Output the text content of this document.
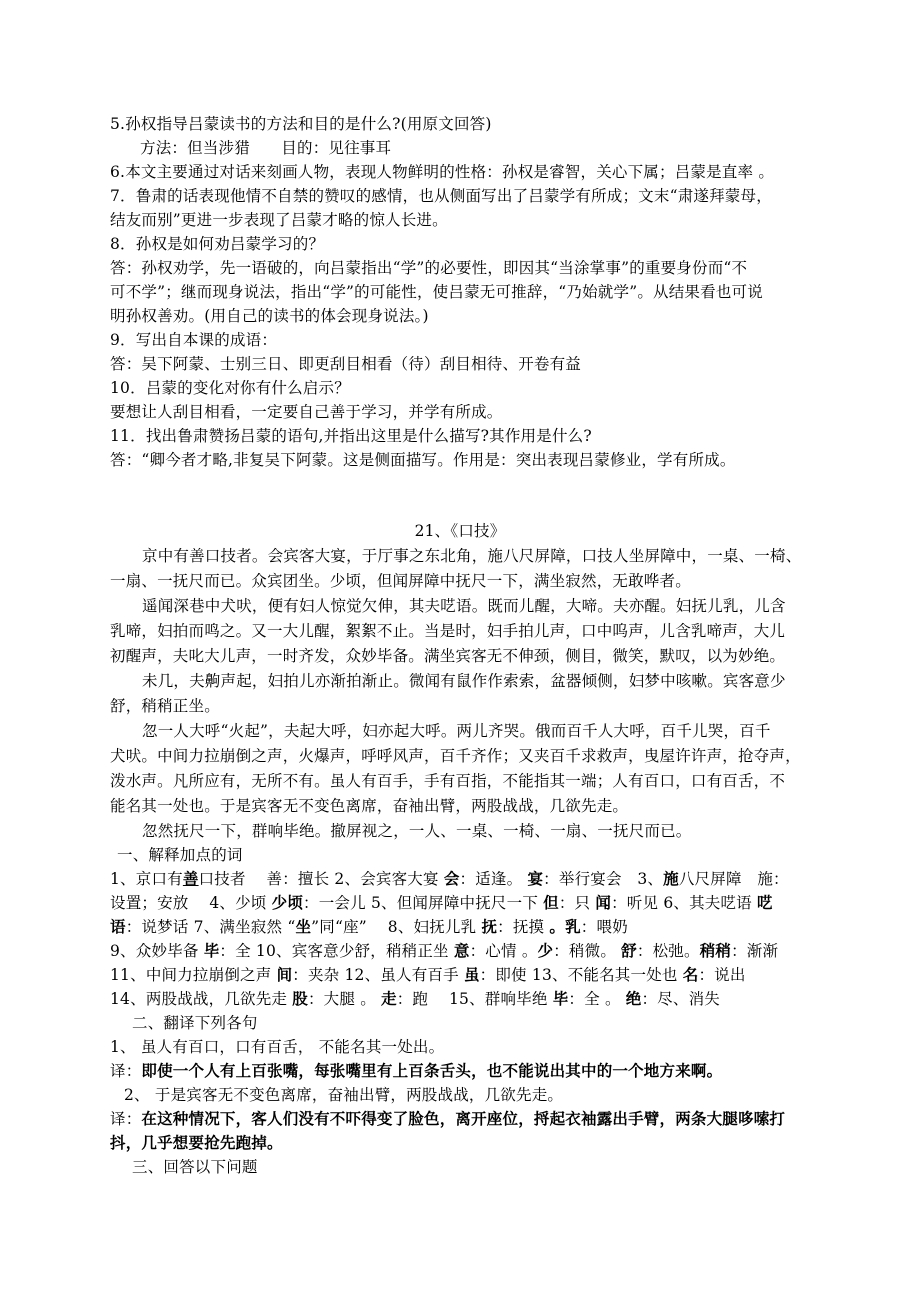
5.孙权指导吕蒙读书的方法和目的是什么?(用原文回答)
方法：但当涉猎　　目的：见往事耳
6.本文主要通过对话来刻画人物，表现人物鲜明的性格：孙权是睿智，关心下属；吕蒙是直率 。
7．鲁肃的话表现他情不自禁的赞叹的感情，也从侧面写出了吕蒙学有所成；文末“肃遂拜蒙母，
结友而别”更进一步表现了吕蒙才略的惊人长进。
8．孙权是如何劝吕蒙学习的？
答：孙权劝学，先一语破的，向吕蒙指出“学”的必要性，即因其“当涂掌事”的重要身份而“不
可不学”；继而现身说法，指出“学”的可能性，使吕蒙无可推辞，“乃始就学”。从结果看也可说
明孙权善劝。(用自己的读书的体会现身说法。)
9．写出自本课的成语：
答：吴下阿蒙、士别三日、即更刮目相看（待）刮目相待、开卷有益
10．吕蒙的变化对你有什么启示？
要想让人刮目相看，一定要自己善于学习，并学有所成。
11．找出鲁肃赞扬吕蒙的语句,并指出这里是什么描写?其作用是什么?
答：“卿今者才略,非复吴下阿蒙。这是侧面描写。作用是：突出表现吕蒙修业，学有所成。
21、《口技》
京中有善口技者。会宾客大宴，于厅事之东北角，施八尺屏障，口技人坐屏障中，一桌、一椅、
一扇、一抚尺而已。众宾团坐。少顷，但闻屏障中抚尺一下，满坐寂然，无敢哗者。
遥闻深巷中犬吠，便有妇人惊觉欠伸，其夫呓语。既而儿醒，大啼。夫亦醒。妇抚儿乳，儿含
乳啼，妇拍而鸣之。又一大儿醒，絮絮不止。当是时，妇手拍儿声，口中呜声，儿含乳啼声，大儿
初醒声，夫叱大儿声，一时齐发，众妙毕备。满坐宾客无不伸颈，侧目，微笑，默叹，以为妙绝。
未几，夫齁声起，妇拍儿亦渐拍渐止。微闻有鼠作作索索，盆器倾侧，妇梦中咳嗽。宾客意少
舒，稍稍正坐。
忽一人大呼“火起”，夫起大呼，妇亦起大呼。两儿齐哭。俄而百千人大呼，百千儿哭，百千
犬吠。中间力拉崩倒之声，火爆声，呼呼风声，百千齐作；又夹百千求救声，曳屋许许声，抢夺声，
泼水声。凡所应有，无所不有。虽人有百手，手有百指，不能指其一端；人有百口，口有百舌，不
能名其一处也。于是宾客无不变色离席，奋袖出臂，两股战战，几欲先走。
忽然抚尺一下，群响毕绝。撤屏视之，一人、一桌、一椅、一扇、一抚尺而已。
一、解释加点的词
1、京口有善口技者　 善：擅长 2、会宾客大宴 会：适逢。 宴：举行宴会　3、施八尺屏障　施：
设置；安放　 4、少顷 少顷：一会儿 5、但闻屏障中抚尺一下 但：只 闻：听见 6、其夫呓语 呓
语：说梦话 7、满坐寂然 “坐”同“座”　 8、妇抚儿乳 抚：抚摸 。乳：喂奶
9、众妙毕备 毕：全 10、宾客意少舒，稍稍正坐 意：心情 。少：稍微。 舒：松弛。稍稍：渐渐
11、中间力拉崩倒之声 间：夹杂 12、虽人有百手 虽：即使 13、不能名其一处也 名：说出
14、两股战战，几欲先走 股：大腿 。 走：跑　 15、群响毕绝 毕：全 。 绝：尽、消失
二、翻译下列各句
1、 虽人有百口，口有百舌， 不能名其一处出。
译：即使一个人有上百张嘴，每张嘴里有上百条舌头，也不能说出其中的一个地方来啊。
2、 于是宾客无不变色离席，奋袖出臂，两股战战，几欲先走。
译：在这种情况下，客人们没有不吓得变了脸色，离开座位，捋起衣袖露出手臂，两条大腿哆嗦打
抖，几乎想要抢先跑掉。
三、回答以下问题
